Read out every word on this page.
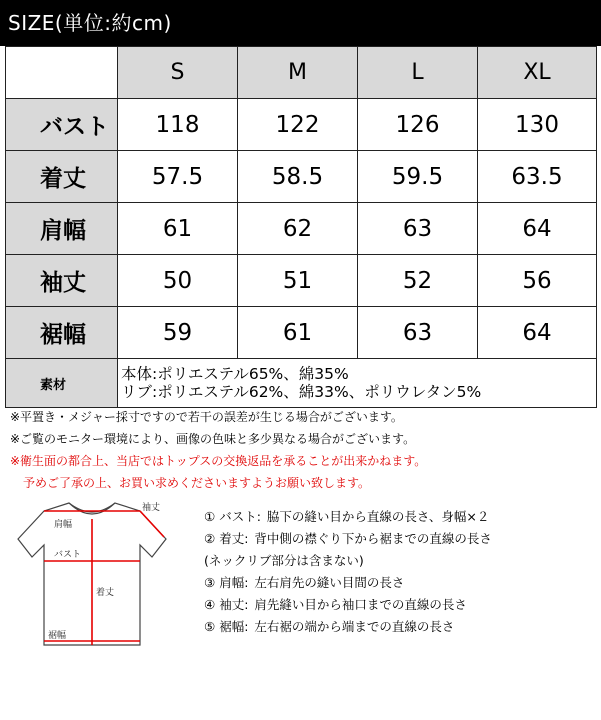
SIZE(単位:約cm)
	S	M	L	XL
バスト	118	122	126	130
着丈	57.5	58.5	59.5	63.5
肩幅	61	62	63	64
袖丈	50	51	52	56
裾幅	59	61	63	64
素材	本体:ポリエステル65%、綿35%
リブ:ポリエステル62%、綿33%、ポリウレタン5%			

※平置き・メジャー採寸ですので若干の誤差が生じる場合がございます。

※ご覧のモニター環境により、画像の色味と多少異なる場合がございます。

※衛生面の都合上、当店ではトップスの交換返品を承ることが出来かねます。

予めご了承の上、お買い求めくださいますようお願い致します。

肩幅
袖丈
バスト
着丈
裾幅

① バスト: 脇下の縫い目から直線の長さ、身幅×２

② 着丈: 背中側の襟ぐり下から裾までの直線の長さ

(ネックリブ部分は含まない)

③ 肩幅: 左右肩先の縫い目間の長さ

④ 袖丈: 肩先縫い目から袖口までの直線の長さ

⑤ 裾幅: 左右裾の端から端までの直線の長さ
